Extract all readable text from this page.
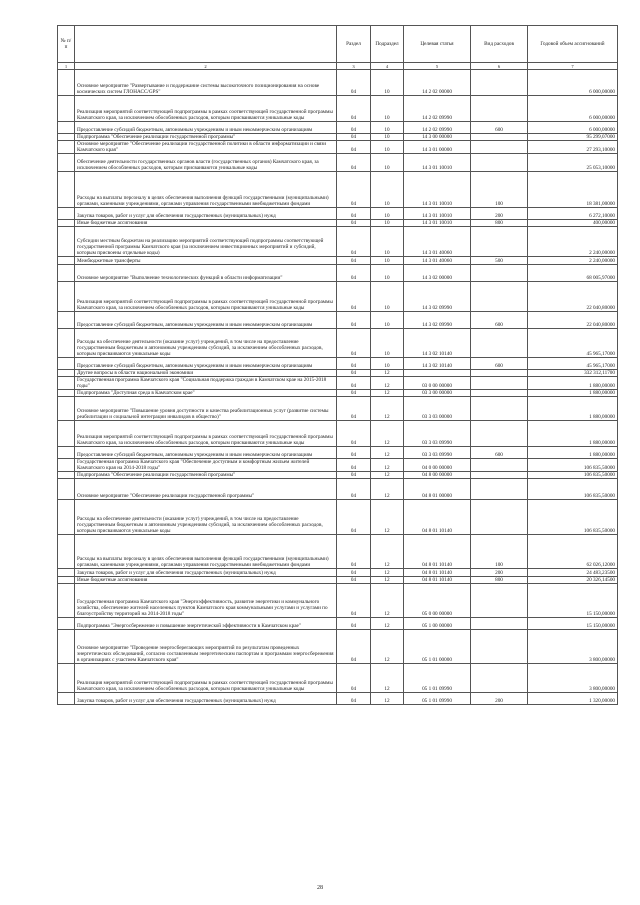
№ п/п		Раздел	Подраздел	Целевая статья	Вид расходов	Годовой объем ассигнований
1	2	3	4	5	6	7
	Основное мероприятие "Развертывание и поддержание системы высокоточного позиционирования на основе космических систем ГЛОНАСС/GPS"	04	10	14 2 02 00000		6 000,00000
	Реализация мероприятий соответствующей подпрограммы в рамках соответствующей государственной программы Камчатского края, за исключением обособленных расходов, которым присваиваются уникальные коды	04	10	14 2 02 09990		6 000,00000
	Предоставление субсидий бюджетным, автономным учреждениям и иным некоммерческим организациям	04	10	14 2 02 09990	600	6 000,00000
	Подпрограмма "Обеспечение реализации государственной программы"	04	10	14 3 00 00000		95 299,07000
	Основное мероприятие "Обеспечение реализации государственной политики в области информатизации и связи Камчатского края"	04	10	14 3 01 00000		27 293,10000
	Обеспечение деятельности государственных органов власти (государственных органов) Камчатского края, за исключением обособленных расходов, которым присваиваются уникальные коды	04	10	14 3 01 10010		25 053,10000
	Расходы на выплаты персоналу в целях обеспечения выполнения функций государственными (муниципальными) органами, казенными учреждениями, органами управления государственными внебюджетными фондами	04	10	14 3 01 10010	100	18 381,00000
	Закупка товаров, работ и услуг для обеспечения государственных (муниципальных) нужд	04	10	14 3 01 10010	200	6 272,10000
	Иные бюджетные ассигнования	04	10	14 3 01 10010	800	400,00000
	Субсидии местным бюджетам на реализацию мероприятий соответствующей подпрограммы соответствующей государственной программы Камчатского края (за исключением инвестиционных мероприятий и субсидий, которым присвоены отдельные коды)	04	10	14 3 01 40060		2 240,00000
	Межбюджетные трансферты	04	10	14 3 01 40060	500	2 240,00000
	Основное мероприятие "Выполнение технологических функций в области информатизации"	04	10	14 3 02 00000		68 005,97000
	Реализация мероприятий соответствующей подпрограммы в рамках соответствующей государственной программы Камчатского края, за исключением обособленных расходов, которым присваиваются уникальные коды	04	10	14 3 02 09990		22 040,80000
	Предоставление субсидий бюджетным, автономным учреждениям и иным некоммерческим организациям	04	10	14 3 02 09990	600	22 040,80000
	Расходы на обеспечение деятельности (оказание услуг) учреждений, в том числе на предоставление государственным бюджетным и автономным учреждениям субсидий, за исключением обособленных расходов, которым присваиваются уникальные коды	04	10	14 3 02 10140		45 965,17000
	Предоставление субсидий бюджетным, автономным учреждениям и иным некоммерческим организациям	04	10	14 3 02 10140	600	45 965,17000
	Другие вопросы в области национальной экономики	04	12			332 312,11700
	Государственная программа Камчатского края "Социальная поддержка граждан в Камчатском крае на 2015-2018 годы"	04	12	03 0 00 00000		1 880,00000
	Подпрограмма "Доступная среда в Камчатском крае"	04	12	03 3 00 00000		1 880,00000
	Основное мероприятие "Повышение уровня доступности и качества реабилитационных услуг (развитие системы реабилитации и социальной интеграции инвалидов в общество)"	04	12	03 3 03 00000		1 880,00000
	Реализация мероприятий соответствующей подпрограммы в рамках соответствующей государственной программы Камчатского края, за исключением обособленных расходов, которым присваиваются уникальные коды	04	12	03 3 03 09990		1 880,00000
	Предоставление субсидий бюджетным, автономным учреждениям и иным некоммерческим организациям	04	12	03 3 03 09990	600	1 880,00000
	Государственная программа Камчатского края "Обеспечение доступным и комфортным жильем жителей Камчатского края на 2014-2018 годы"	04	12	04 0 00 00000		106 835,50000
	Подпрограмма "Обеспечение реализации государственной программы"	04	12	04 8 00 00000		106 835,50000
	Основное мероприятие "Обеспечение реализации государственной программы"	04	12	04 8 01 00000		106 835,50000
	Расходы на обеспечение деятельности (оказание услуг) учреждений, в том числе на предоставление государственным бюджетным и автономным учреждениям субсидий, за исключением обособленных расходов, которым присваиваются уникальные коды	04	12	04 8 01 10140		106 835,50000
	Расходы на выплаты персоналу в целях обеспечения выполнения функций государственными (муниципальными) органами, казенными учреждениями, органами управления государственными внебюджетными фондами	04	12	04 8 01 10140	100	62 026,12000
	Закупка товаров, работ и услуг для обеспечения государственных (муниципальных) нужд	04	12	04 8 01 10140	200	24 483,23500
	Иные бюджетные ассигнования	04	12	04 8 01 10140	800	20 326,14500
	Государственная программа Камчатского края "Энергоэффективность, развитие энергетики и коммунального хозяйства, обеспечение жителей населенных пунктов Камчатского края коммунальными услугами и услугами по благоустройству территорий на 2014-2018 годы"	04	12	05 0 00 00000		15 150,00000
	Подпрограмма "Энергосбережение и повышение энергетической эффективности в Камчатском крае"	04	12	05 1 00 00000		15 150,00000
	Основное мероприятие "Проведение энергосберегающих мероприятий по результатам проведенных энергетических обследований, согласно составленным энергетическим паспортам и программам энергосбережения в организациях с участием Камчатского края"	04	12	05 1 01 00000		3 800,00000
	Реализация мероприятий соответствующей подпрограммы в рамках соответствующей государственной программы Камчатского края, за исключением обособленных расходов, которым присваиваются уникальные коды	04	12	05 1 01 09990		3 800,00000
	Закупка товаров, работ и услуг для обеспечения государственных (муниципальных) нужд	04	12	05 1 01 09990	200	1 320,00000
28
